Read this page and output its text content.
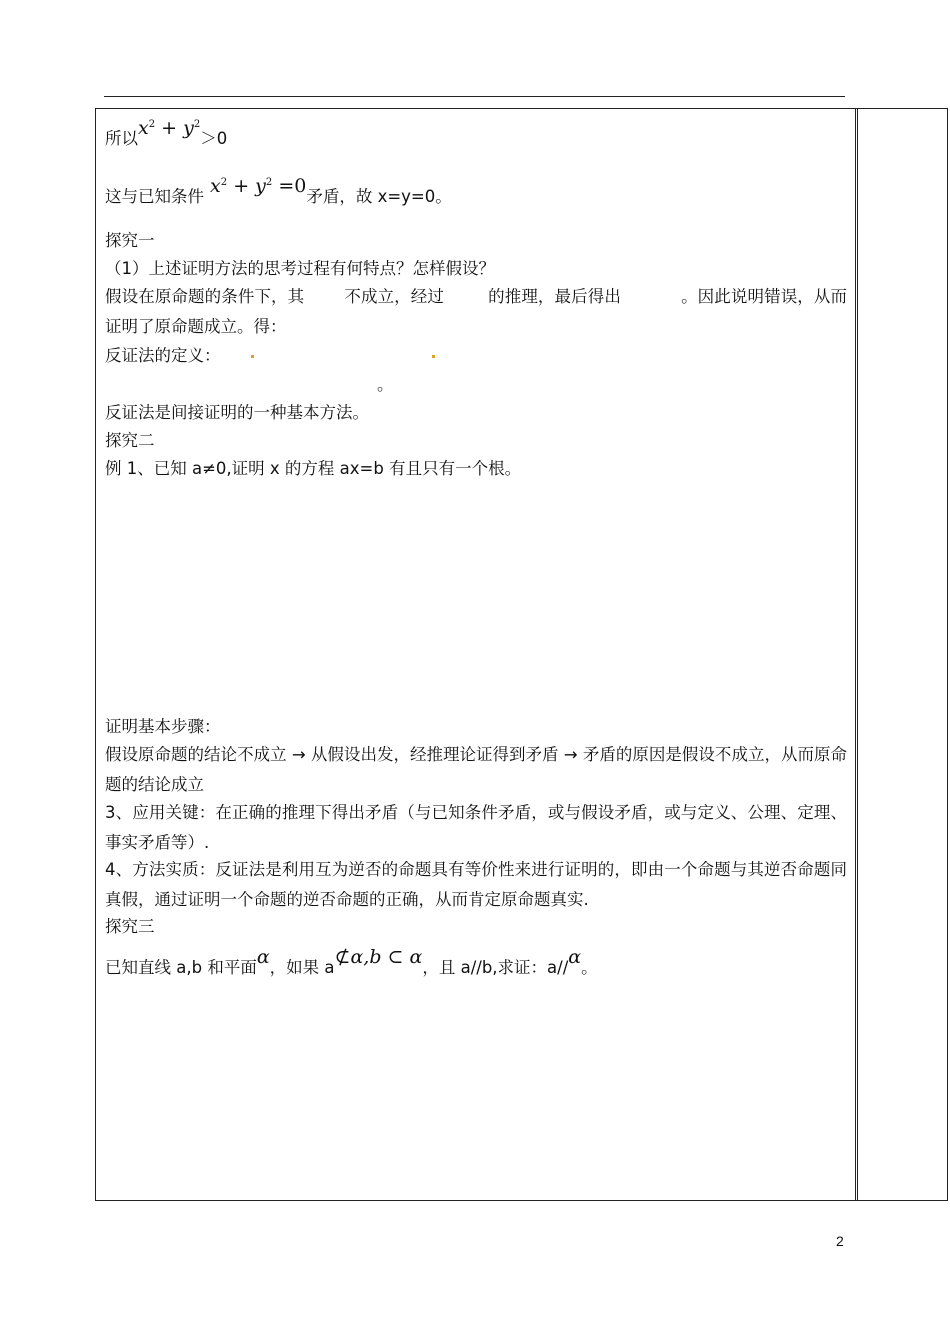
所以$x^2 + y^2>0$
这与已知条件 $x^2 + y^2 =0$矛盾，故 x=y=0。
探究一
（1）上述证明方法的思考过程有何特点？怎样假设？
假设在原命题的条件下，其 不成立，经过	的推理，最后得出	。因此说明错误，从而证明了原命题成立。得：
反证法的定义：
。
反证法是间接证明的一种基本方法。
探究二
例 1、已知 a≠0,证明 x 的方程 ax=b 有且只有一个根。
证明基本步骤：
假设原命题的结论不成立 → 从假设出发，经推理论证得到矛盾 → 矛盾的原因是假设不成立，从而原命题的结论成立
3、应用关键：在正确的推理下得出矛盾（与已知条件矛盾，或与假设矛盾，或与定义、公理、定理、事实矛盾等）.
4、方法实质：反证法是利用互为逆否的命题具有等价性来进行证明的，即由一个命题与其逆否命题同真假，通过证明一个命题的逆否命题的正确，从而肯定原命题真实.
探究三
已知直线 a,b 和平面α，如果 a⊄α,b ⊂ α，且 a//b,求证：a//α。
2
